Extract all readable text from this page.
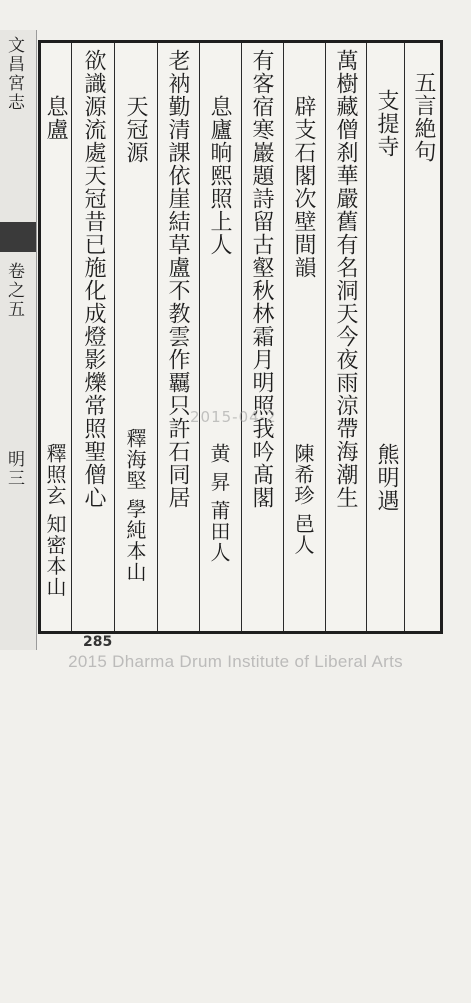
文昌宮志
卷之五
明三
五言絶句
支提寺
熊明遇
萬樹藏僧刹華嚴舊有名洞天今夜雨涼帶海潮生
辟支石閣次壁間韻
陳希珍 邑人
有客宿寒巖題詩留古壑秋林霜月明照我吟髙閣
息廬晌熙照上人
黄 昇 莆田人
老衲勤清課依崖結草盧不教雲作覊只許石同居
天冠源
釋海堅 學純本山
欲識源流處天冠昔已施化成燈影爍常照聖僧心
息盧
釋照玄 知密本山
2015-04-2
285
2015 Dharma Drum Institute of Liberal Arts
